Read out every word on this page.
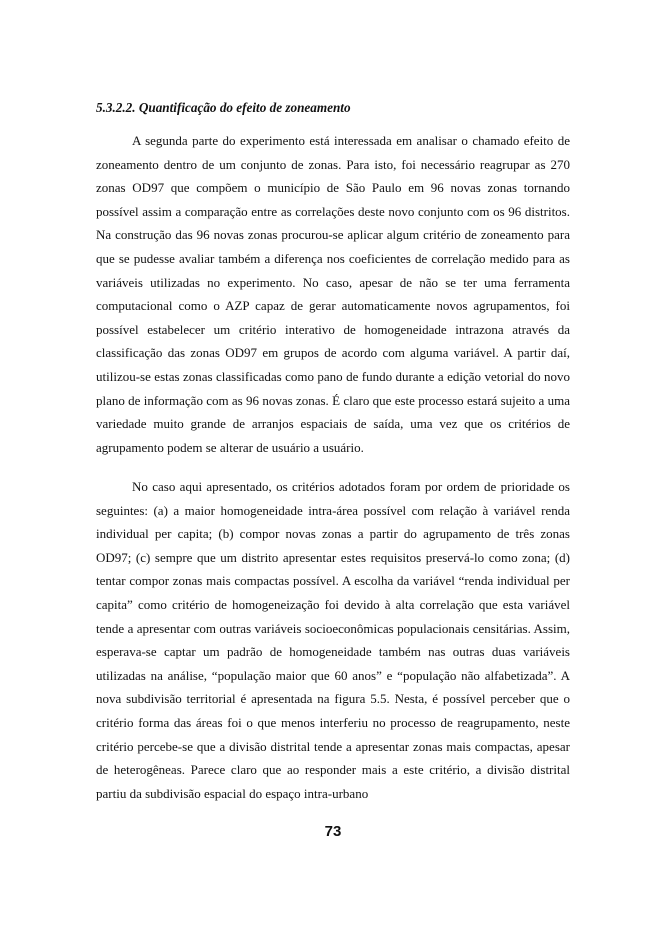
5.3.2.2. Quantificação do efeito de zoneamento

A segunda parte do experimento está interessada em analisar o chamado efeito de zoneamento dentro de um conjunto de zonas. Para isto, foi necessário reagrupar as 270 zonas OD97 que compõem o município de São Paulo em 96 novas zonas tornando possível assim a comparação entre as correlações deste novo conjunto com os 96 distritos. Na construção das 96 novas zonas procurou-se aplicar algum critério de zoneamento para que se pudesse avaliar também a diferença nos coeficientes de correlação medido para as variáveis utilizadas no experimento. No caso, apesar de não se ter uma ferramenta computacional como o AZP capaz de gerar automaticamente novos agrupamentos, foi possível estabelecer um critério interativo de homogeneidade intrazona através da classificação das zonas OD97 em grupos de acordo com alguma variável. A partir daí, utilizou-se estas zonas classificadas como pano de fundo durante a edição vetorial do novo plano de informação com as 96 novas zonas. É claro que este processo estará sujeito a uma variedade muito grande de arranjos espaciais de saída, uma vez que os critérios de agrupamento podem se alterar de usuário a usuário.

No caso aqui apresentado, os critérios adotados foram por ordem de prioridade os seguintes: (a) a maior homogeneidade intra-área possível com relação à variável renda individual per capita; (b) compor novas zonas a partir do agrupamento de três zonas OD97; (c) sempre que um distrito apresentar estes requisitos preservá-lo como zona; (d) tentar compor zonas mais compactas possível. A escolha da variável “renda individual per capita” como critério de homogeneização foi devido à alta correlação que esta variável tende a apresentar com outras variáveis socioeconômicas populacionais censitárias. Assim, esperava-se captar um padrão de homogeneidade também nas outras duas variáveis utilizadas na análise, “população maior que 60 anos” e “população não alfabetizada”. A nova subdivisão territorial é apresentada na figura 5.5. Nesta, é possível perceber que o critério forma das áreas foi o que menos interferiu no processo de reagrupamento, neste critério percebe-se que a divisão distrital tende a apresentar zonas mais compactas, apesar de heterogêneas. Parece claro que ao responder mais a este critério, a divisão distrital partiu da subdivisão espacial do espaço intra-urbano

73
